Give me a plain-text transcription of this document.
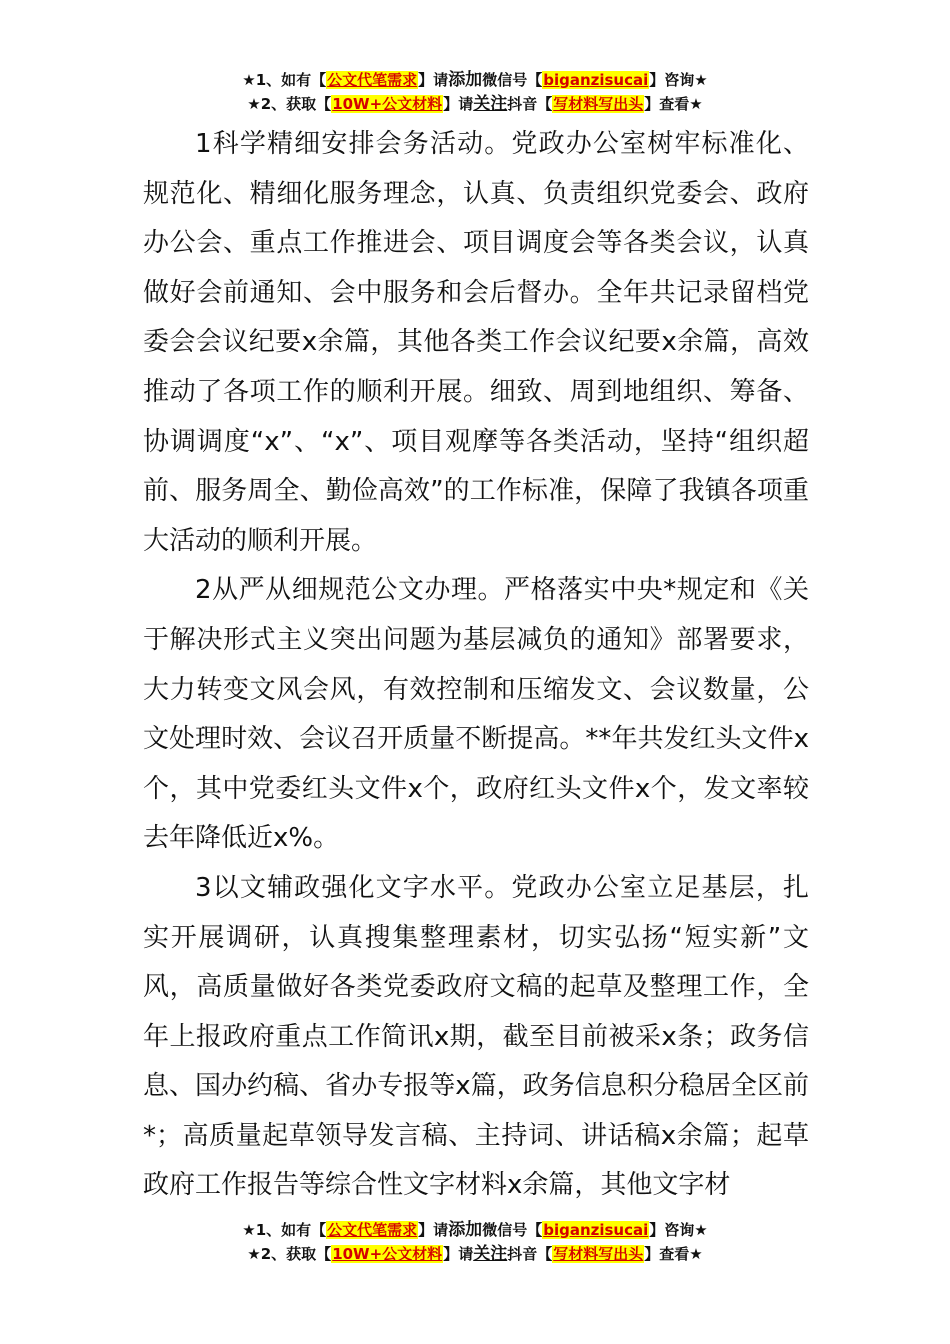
★1、如有【公文代笔需求】请添加微信号【biganzisucai】咨询★
★2、获取【10W+公文材料】请关注抖音【写材料写出头】查看★

1科学精细安排会务活动。党政办公室树牢标准化、规范化、精细化服务理念，认真、负责组织党委会、政府办公会、重点工作推进会、项目调度会等各类会议，认真做好会前通知、会中服务和会后督办。全年共记录留档党委会会议纪要x余篇，其他各类工作会议纪要x余篇，高效推动了各项工作的顺利开展。细致、周到地组织、筹备、协调调度“x”、“x”、项目观摩等各类活动，坚持“组织超前、服务周全、勤俭高效”的工作标准，保障了我镇各项重大活动的顺利开展。

2从严从细规范公文办理。严格落实中央*规定和《关于解决形式主义突出问题为基层减负的通知》部署要求，大力转变文风会风，有效控制和压缩发文、会议数量，公文处理时效、会议召开质量不断提高。**年共发红头文件x个，其中党委红头文件x个，政府红头文件x个，发文率较去年降低近x%。

3以文辅政强化文字水平。党政办公室立足基层，扎实开展调研，认真搜集整理素材，切实弘扬“短实新”文风，高质量做好各类党委政府文稿的起草及整理工作，全年上报政府重点工作简讯x期，截至目前被采x条；政务信息、国办约稿、省办专报等x篇，政务信息积分稳居全区前*；高质量起草领导发言稿、主持词、讲话稿x余篇；起草政府工作报告等综合性文字材料x余篇，其他文字材

★1、如有【公文代笔需求】请添加微信号【biganzisucai】咨询★
★2、获取【10W+公文材料】请关注抖音【写材料写出头】查看★
